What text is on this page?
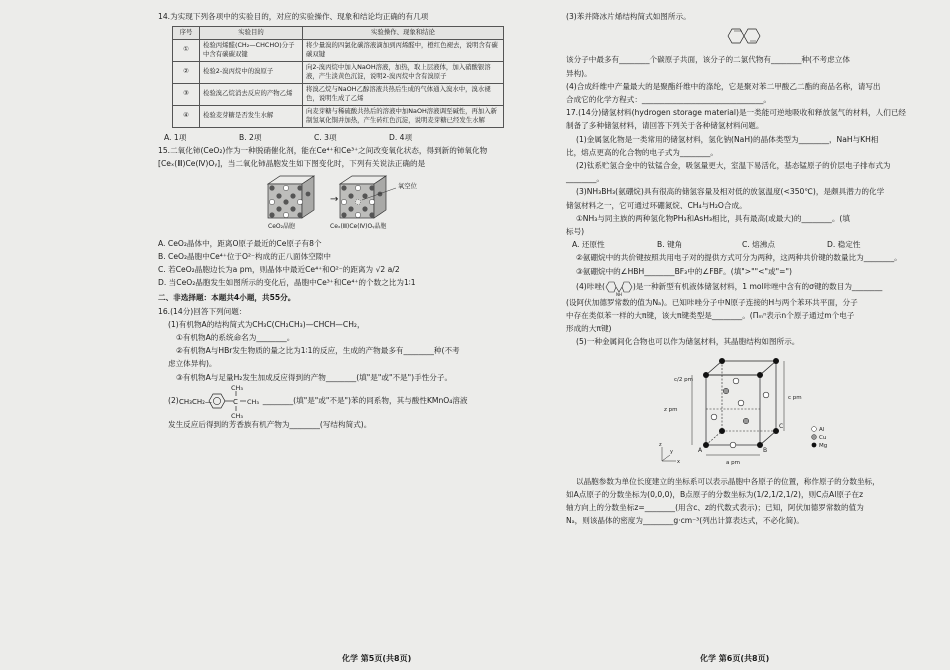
14.为实现下列各项中的实验目的，对应的实验操作、现象和结论均正确的有几项

序号	实验目的	实验操作、现象和结论
①	检验丙烯醛(CH₂—CHCHO)分子中含有碳碳双键	将少量溴的四氯化碳溶液滴加到丙烯醛中，橙红色褪去，说明含有碳碳双键
②	检验2-溴丙烷中的溴原子	向2-溴丙烷中加入NaOH溶液，加热，取上层液体，加入硝酸银溶液，产生淡黄色沉淀，说明2-溴丙烷中含有溴原子
③	检验溴乙烷消去反应的产物乙烯	将溴乙烷与NaOH乙醇溶液共热后生成的气体通入溴水中，溴水褪色，说明生成了乙烯
④	检验麦芽糖是否发生水解	向麦芽糖与稀硫酸共热后的溶液中加NaOH溶液调至碱性，再加入新制氢氧化铜并加热，产生砖红色沉淀，说明麦芽糖已经发生水解
A. 1项	B. 2项	C. 3项	D. 4项

15.二氧化铈(CeO₂)作为一种脱硝催化剂，能在Ce⁴⁺和Ce³⁺之间改变氧化状态，得到新的铈氧化物

[Ceₓ(Ⅲ)Ce(Ⅳ)Oᵧ]，当二氧化铈晶胞发生如下图变化时，下列有关说法正确的是

→
氧空位
CeO₂晶胞	Ceₓ(Ⅲ)Ce(Ⅳ)Oᵧ晶胞

A. CeO₂晶体中，距离O原子最近的Ce原子有8个

B. CeO₂晶胞中Ce⁴⁺位于O²⁻构成的正八面体空隙中

C. 若CeO₂晶胞边长为a pm，则晶体中最近Ce⁴⁺和O²⁻的距离为 √2 a/2

D. 当CeO₂晶胞发生如图所示的变化后，晶胞中Ce³⁺和Ce⁴⁺的个数之比为1∶1

二、非选择题：本题共4小题，共55分。

16.(14分)回答下列问题：

(1)有机物A的结构简式为CH₃C(CH₂CH₃)—CHCH—CH₂，

①有机物A的系统命名为________。

②有机物A与HBr发生物质的量之比为1∶1的反应，生成的产物最多有________种(不考

虑立体异构)。

③有机物A与足量H₂发生加成反应得到的产物________(填"是"或"不是")手性分子。

(2) CH₃CH₂—	C
CH₃
CH₃
CH₃
________(填"是"或"不是")苯的同系物，其与酸性KMnO₄溶液

发生反应后得到的芳香族有机产物为________(写结构简式)。

化学 第5页(共8页)

(3)苯并降冰片烯结构简式如图所示。

该分子中最多有________个碳原子共面，该分子的二氯代物有________种(不考虑立体

异构)。

(4)合成纤维中产量最大的是聚酯纤维中的涤纶，它是聚对苯二甲酸乙二酯的商品名称，请写出

合成它的化学方程式：________________________________。

17.(14分)储氢材料(hydrogen storage material)是一类能可逆地吸收和释放氢气的材料，人们已经

制备了多种储氢材料，请回答下列关于各种储氢材料问题。

(1)金属氢化物是一类常用的储氢材料，氢化钠(NaH)的晶体类型为________，NaH与KH相

比，熔点更高的化合物的电子式为________。

(2)钛系贮氢合金中的钛锰合金，吸氢量更大，室温下易活化，基态锰原子的价层电子排布式为

________。

(3)NH₃BH₃(氨硼烷)具有很高的储氢容量及相对低的放氢温度(<350℃)，是颇具潜力的化学

储氢材料之一，它可通过环硼氮烷、CH₄与H₂O合成。

①NH₃与同主族的两种氢化物PH₃和AsH₃相比，具有最高(或最大)的________。(填

标号)

A. 还原性	B. 键角	C. 熔沸点	D. 稳定性

②氨硼烷中的共价键按照共用电子对的提供方式可分为两种，这两种共价键的数量比为________。

③氨硼烷中的∠HBH________BF₃中的∠FBF。(填">""<"或"=")

(4)咔唑(
NH
)是一种新型有机液体储氢材料，1 mol咔唑中含有的σ键的数目为________

(设阿伏加德罗常数的值为Nₐ)。已知咔唑分子中N原子连接的H与两个苯环共平面，分子

中存在类似苯一样的大π键，该大π键类型是________。(Πₘⁿ表示n个原子通过m个电子

形成的大π键)

(5)一种金属间化合物也可以作为储氢材料，其晶胞结构如图所示。

z pm
c/2 pm
c pm
a pm
A	B
C
z
x
y
Al
Cu
Mg

以晶胞参数为单位长度建立的坐标系可以表示晶胞中各原子的位置，称作原子的分数坐标，

如A点原子的分数坐标为(0,0,0)，B点原子的分数坐标为(1/2,1/2,1/2)，则C点Al原子在z

轴方向上的分数坐标z=________(用含c、z的代数式表示)；已知，阿伏加德罗常数的值为

Nₐ，则该晶体的密度为________g·cm⁻³(列出计算表达式，不必化简)。

化学 第6页(共8页)
